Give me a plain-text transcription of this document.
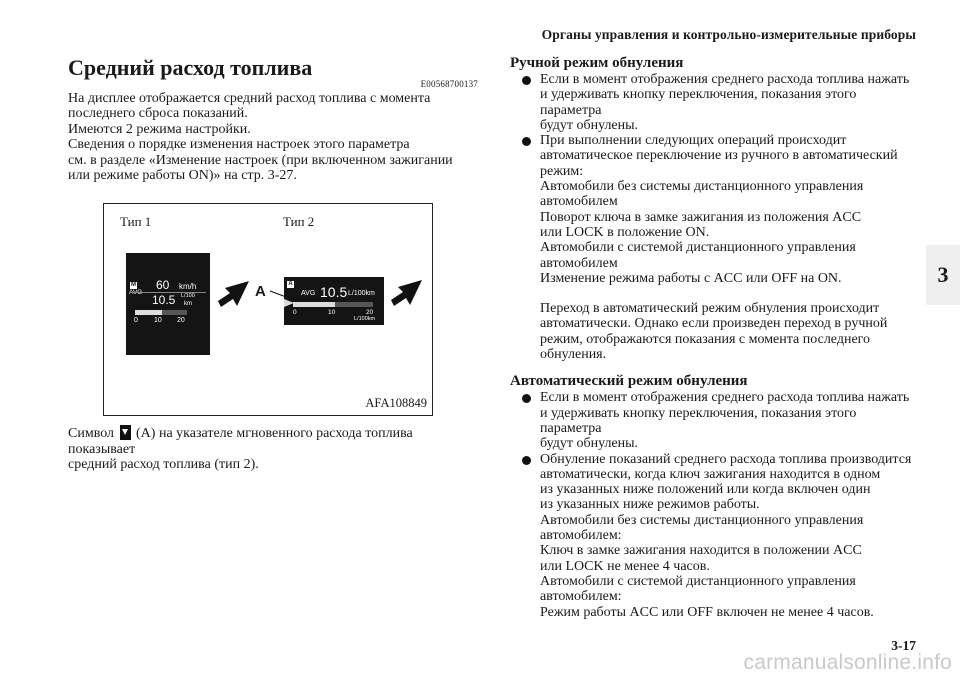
Органы управления и контрольно-измерительные приборы
3
Средний расход топлива
E00568700137

На дисплее отображается средний расход топлива с момента
последнего сброса показаний.
Имеются 2 режима настройки.
Сведения о порядке изменения настроек этого параметра
см. в разделе «Изменение настроек (при включенном зажигании
или режиме работы ON)» на стр. 3-27.

Тип 1	Тип 2
M 60 km/h
10.5 L/100
km
0 10 20
A	A
AVG 10.5 L/100km
0	10	20
L/100km
AFA108849

Символ (A) на указателе мгновенного расхода топлива показывает
средний расход топлива (тип 2).

Ручной режим обнуления
Если в момент отображения среднего расхода топлива нажать
и удерживать кнопку переключения, показания этого параметра
будут обнулены.
При выполнении следующих операций происходит
автоматическое переключение из ручного в автоматический
режим:
Автомобили без системы дистанционного управления
автомобилем
Поворот ключа в замке зажигания из положения ACC
или LOCK в положение ON.
Автомобили с системой дистанционного управления
автомобилем
Изменение режима работы с ACC или OFF на ON.

Переход в автоматический режим обнуления происходит
автоматически. Однако если произведен переход в ручной
режим, отображаются показания с момента последнего
обнуления.

Автоматический режим обнуления
Если в момент отображения среднего расхода топлива нажать
и удерживать кнопку переключения, показания этого параметра
будут обнулены.
Обнуление показаний среднего расхода топлива производится
автоматически, когда ключ зажигания находится в одном
из указанных ниже положений или когда включен один
из указанных ниже режимов работы.
Автомобили без системы дистанционного управления
автомобилем:
Ключ в замке зажигания находится в положении ACC
или LOCK не менее 4 часов.
Автомобили с системой дистанционного управления
автомобилем:
Режим работы ACC или OFF включен не менее 4 часов.
3-17
carmanualsonline.info
